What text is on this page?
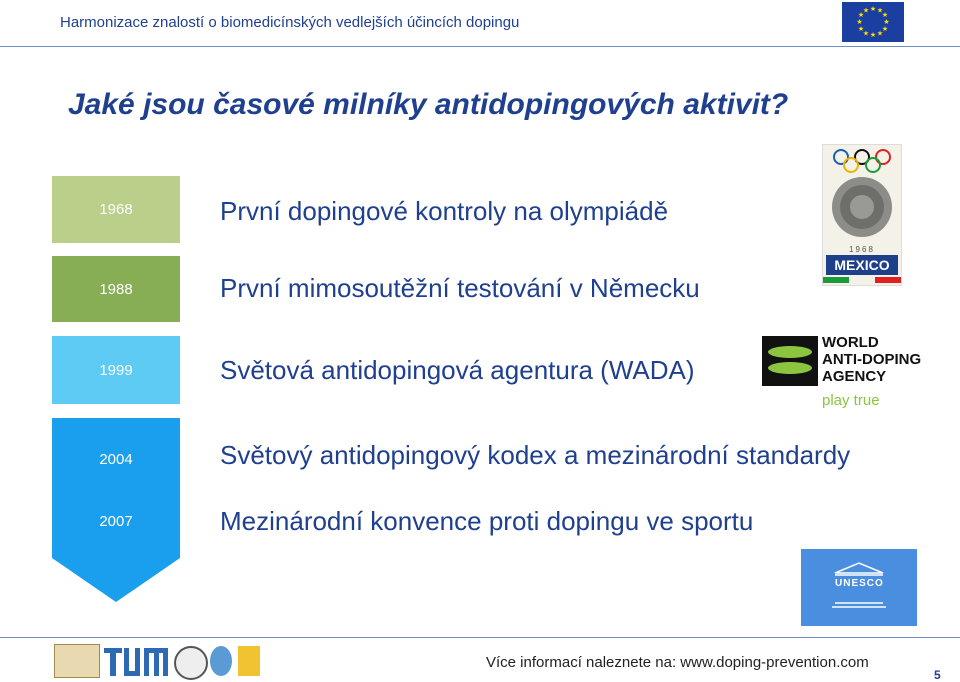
Harmonizace znalostí o biomedicínských vedlejších účincích dopingu
★ ★
★
★
★
★
★
★
★
★
★
★
Jaké jsou časové milníky antidopingových aktivit?
1968
1988
1999
2004
2007
První dopingové kontroly na olympiádě
První mimosoutěžní testování v Německu
Světová antidopingová agentura (WADA)
Světový antidopingový kodex a mezinárodní standardy
Mezinárodní konvence proti dopingu ve sportu
1968
MEXICO
WORLD
ANTI-DOPING
AGENCY
play true
UNESCO
Více informací naleznete na: www.doping-prevention.com
5
